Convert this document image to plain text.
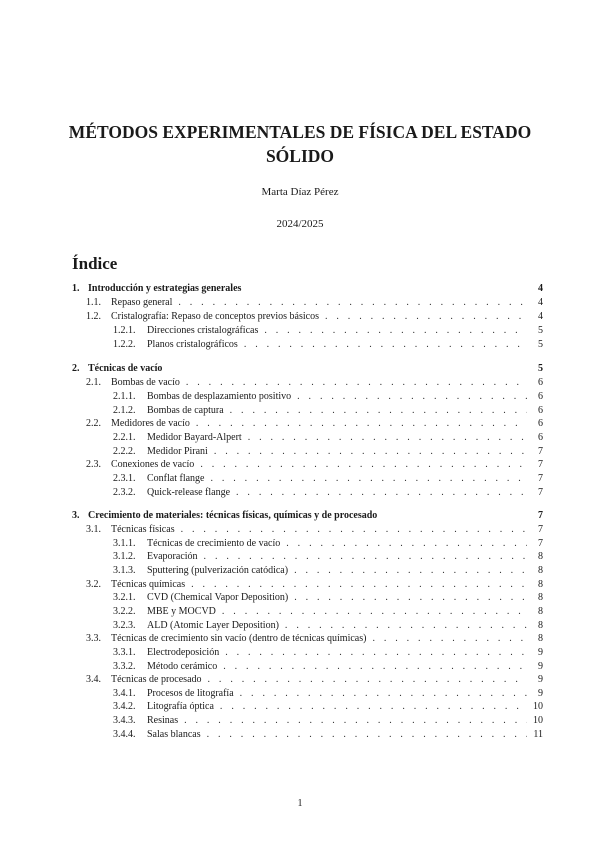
MÉTODOS EXPERIMENTALES DE FÍSICA DEL ESTADO SÓLIDO
Marta Díaz Pérez
2024/2025
Índice
1. Introducción y estrategias generales	4
1.1.	Repaso general . . .	4
1.2.	Cristalografía: Repaso de conceptos previos básicos . . .	4
1.2.1.	Direcciones cristalográficas . . .	5
1.2.2.	Planos cristalográficos . . .	5
2. Técnicas de vacío	5
2.1.	Bombas de vacío . . .	6
2.1.1.	Bombas de desplazamiento positivo . . .	6
2.1.2.	Bombas de captura . . .	6
2.2.	Medidores de vacío . . .	6
2.2.1.	Medidor Bayard-Alpert . . .	6
2.2.2.	Medidor Pirani . . .	7
2.3.	Conexiones de vacío . . .	7
2.3.1.	Conflat flange . . .	7
2.3.2.	Quick-release flange . . .	7
3. Crecimiento de materiales: técnicas físicas, químicas y de procesado	7
3.1.	Técnicas físicas . . .	7
3.1.1.	Técnicas de crecimiento de vacío . . .	7
3.1.2.	Evaporación . . .	8
3.1.3.	Sputtering (pulverización catódica) . . .	8
3.2.	Técnicas químicas . . .	8
3.2.1.	CVD (Chemical Vapor Deposition) . . .	8
3.2.2.	MBE y MOCVD . . .	8
3.2.3.	ALD (Atomic Layer Deposition) . . .	8
3.3.	Técnicas de crecimiento sin vacío (dentro de técnicas químicas) . . .	8
3.3.1.	Electrodeposición . . .	9
3.3.2.	Método cerámico . . .	9
3.4.	Técnicas de procesado . . .	9
3.4.1.	Procesos de litografía . . .	9
3.4.2.	Litografía óptica . . .	10
3.4.3.	Resinas . . .	10
3.4.4.	Salas blancas . . .	11
1
